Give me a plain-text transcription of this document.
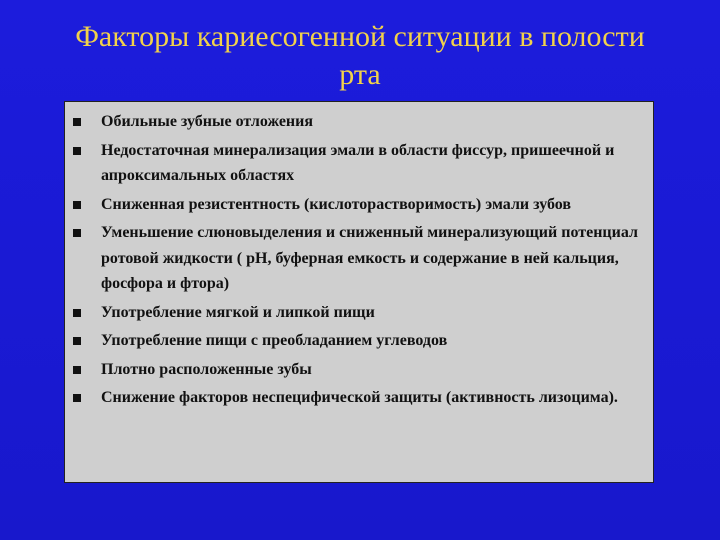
Факторы кариесогенной ситуации в полости рта
Обильные зубные отложения
Недостаточная минерализация эмали в области фиссур, пришеечной и апроксимальных областях
Сниженная резистентность (кислоторастворимость) эмали зубов
Уменьшение слюновыделения и сниженный минерализующий потенциал ротовой жидкости ( рН, буферная емкость и содержание в ней кальция, фосфора и фтора)
Употребление мягкой и липкой пищи
Употребление пищи с преобладанием углеводов
Плотно расположенные зубы
Снижение факторов неспецифической защиты (активность лизоцима).
